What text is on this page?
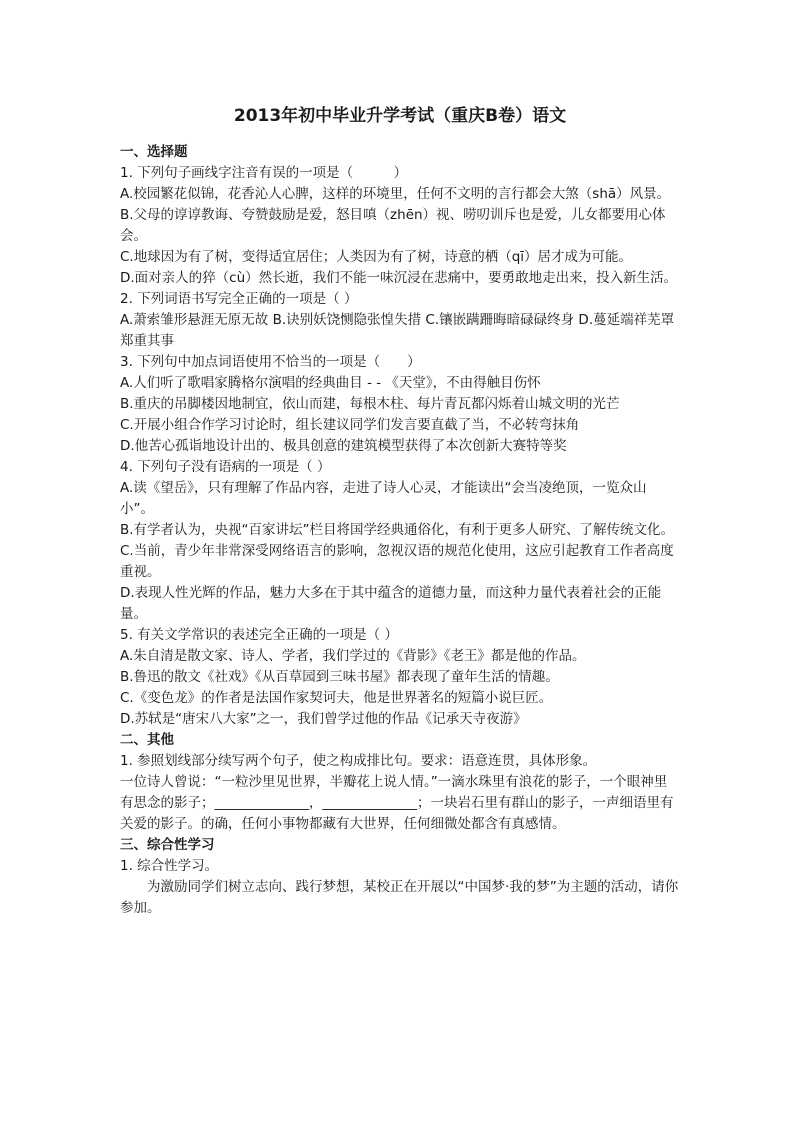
2013年初中毕业升学考试（重庆B卷）语文

一、选择题

1. 下列句子画线字注音有误的一项是（　　　）

A.校园繁花似锦，花香沁人心脾，这样的环境里，任何不文明的言行都会大煞（shā）风景。

B.父母的谆谆教诲、夸赞鼓励是爱，怒目嗔（zhēn）视、唠叨训斥也是爱，儿女都要用心体会。

C.地球因为有了树，变得适宜居住；人类因为有了树，诗意的栖（qī）居才成为可能。

D.面对亲人的猝（cù）然长逝，我们不能一味沉浸在悲痛中，要勇敢地走出来，投入新生活。

2. 下列词语书写完全正确的一项是（ ）

A.萧索雏形悬涯无原无故 B.诀别妖饶恻隐张惶失措 C.镶嵌蹒跚晦暗碌碌终身 D.蔓延端祥芜罩郑重其事

3. 下列句中加点词语使用不恰当的一项是（　　）

A.人们听了歌唱家腾格尔演唱的经典曲目 - - 《天堂》，不由得触目伤怀

B.重庆的吊脚楼因地制宜，依山而建，每根木柱、每片青瓦都闪烁着山城文明的光芒

C.开展小组合作学习讨论时，组长建议同学们发言要直截了当，不必转弯抹角

D.他苦心孤诣地设计出的、极具创意的建筑模型获得了本次创新大赛特等奖

4. 下列句子没有语病的一项是（ ）

A.读《望岳》，只有理解了作品内容，走进了诗人心灵，才能读出“会当凌绝顶，一览众山小”。

B.有学者认为，央视“百家讲坛”栏目将国学经典通俗化，有利于更多人研究、了解传统文化。

C.当前，青少年非常深受网络语言的影响，忽视汉语的规范化使用，这应引起教育工作者高度重视。

D.表现人性光辉的作品，魅力大多在于其中蕴含的道德力量，而这种力量代表着社会的正能量。

5. 有关文学常识的表述完全正确的一项是（ ）

A.朱自清是散文家、诗人、学者，我们学过的《背影》《老王》都是他的作品。

B.鲁迅的散文《社戏》《从百草园到三味书屋》都表现了童年生活的情趣。

C.《变色龙》的作者是法国作家契诃夫，他是世界著名的短篇小说巨匠。

D.苏轼是“唐宋八大家”之一，我们曾学过他的作品《记承天寺夜游》

二、其他

1. 参照划线部分续写两个句子，使之构成排比句。要求：语意连贯，具体形象。

一位诗人曾说：“一粒沙里见世界，半瓣花上说人情。”一滴水珠里有浪花的影子，一个眼神里有思念的影子；______________，______________；一块岩石里有群山的影子，一声细语里有关爱的影子。的确，任何小事物都藏有大世界，任何细微处都含有真感情。

三、综合性学习

1. 综合性学习。

为激励同学们树立志向、践行梦想，某校正在开展以“中国梦·我的梦”为主题的活动，请你参加。
